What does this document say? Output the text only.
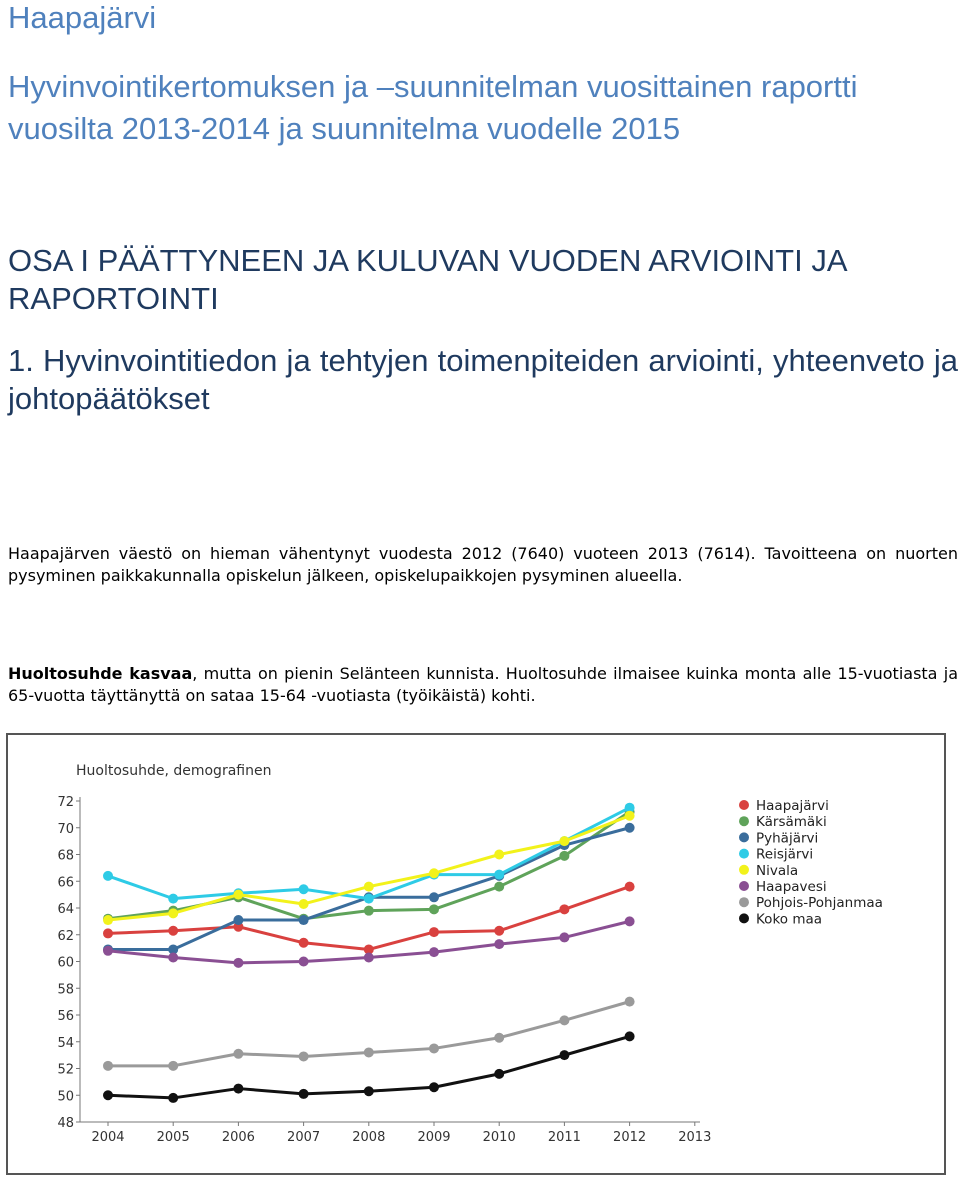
Haapajärvi
Hyvinvointikertomuksen ja –suunnitelman vuosittainen raportti vuosilta 2013-2014 ja suunnitelma vuodelle 2015
OSA I PÄÄTTYNEEN JA KULUVAN VUODEN ARVIOINTI JA RAPORTOINTI
1. Hyvinvointitiedon ja tehtyjen toimenpiteiden arviointi, yhteenveto ja johtopäätökset

Haapajärven väestö on hieman vähentynyt vuodesta 2012 (7640) vuoteen 2013 (7614). Tavoitteena on nuorten pysyminen paikkakunnalla opiskelun jälkeen, opiskelupaikkojen pysyminen alueella.

Huoltosuhde kasvaa, mutta on pienin Selänteen kunnista. Huoltosuhde ilmaisee kuinka monta alle 15-vuotiasta ja 65-vuotta täyttänyttä on sataa 15-64 -vuotiasta (työikäistä) kohti.

Huoltosuhde, demografinen
48
50
52
54
56
58
60
62
64
66
68
70
72
2004 2005 2006 2007 2008 2009 2010 2011 2012 2013
Haapajärvi
Kärsämäki
Pyhäjärvi
Reisjärvi
Nivala
Haapavesi
Pohjois-Pohjanmaa
Koko maa
